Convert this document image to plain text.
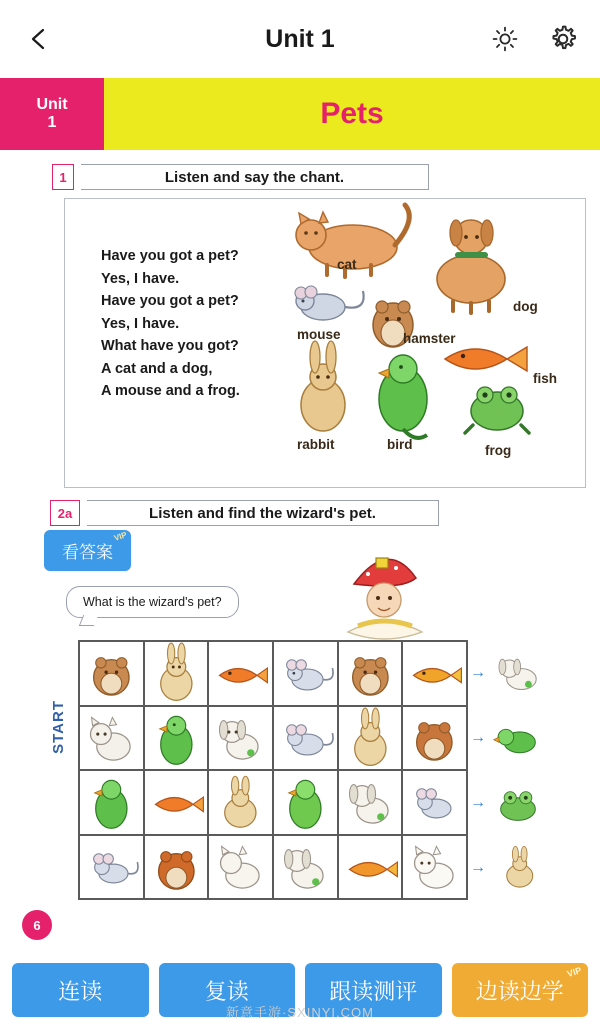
Unit 1
Unit
1	Pets
1	Listen and say the chant.
Have you got a pet?
Yes, I have.
Have you got a pet?
Yes, I have.
What have you got?
A cat and a dog,
A mouse and a frog.
cat
dog
mouse	hamster
fish
rabbit	bird	frog
2a	Listen and find the wizard's pet.
看答案
VIP
What is the wizard's pet?
START
→
→
→
→
6
连读	复读	跟读测评	边读边学
VIP
新意手游·SXINYI.COM
